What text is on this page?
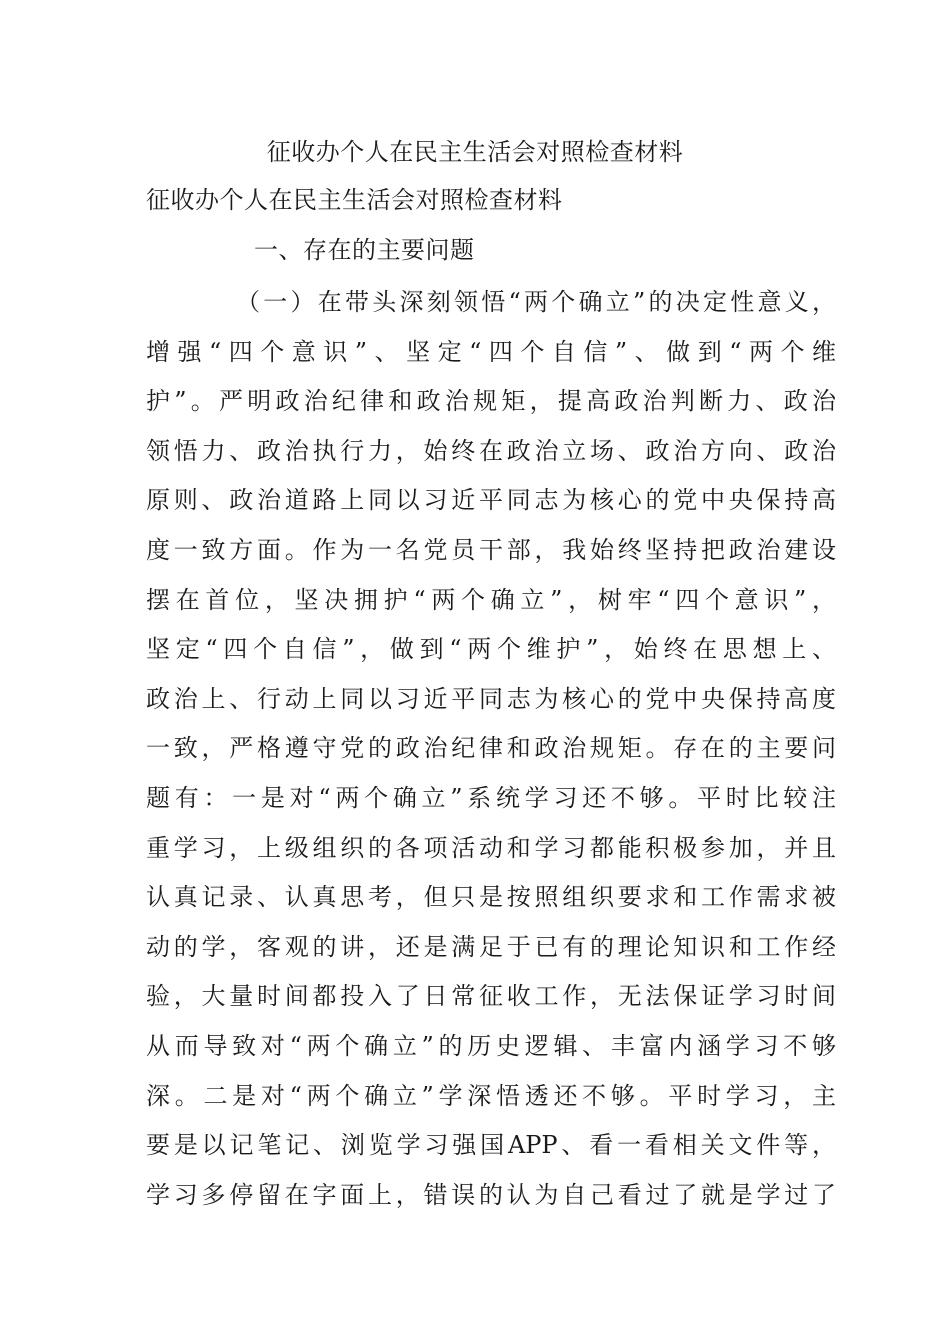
征收办个人在民主生活会对照检查材料
征收办个人在民主生活会对照检查材料
一、存在的主要问题
（一）在带头深刻领悟“两个确立”的决定性意义，
增强“四个意识”、坚定“四个自信”、做到“两个维
护”。严明政治纪律和政治规矩，提高政治判断力、政治
领悟力、政治执行力，始终在政治立场、政治方向、政治
原则、政治道路上同以习近平同志为核心的党中央保持高
度一致方面。作为一名党员干部，我始终坚持把政治建设
摆在首位，坚决拥护“两个确立”，树牢“四个意识”，
坚定“四个自信”，做到“两个维护”，始终在思想上、
政治上、行动上同以习近平同志为核心的党中央保持高度
一致，严格遵守党的政治纪律和政治规矩。存在的主要问
题有：一是对“两个确立”系统学习还不够。平时比较注
重学习，上级组织的各项活动和学习都能积极参加，并且
认真记录、认真思考，但只是按照组织要求和工作需求被
动的学，客观的讲，还是满足于已有的理论知识和工作经
验，大量时间都投入了日常征收工作，无法保证学习时间
从而导致对“两个确立”的历史逻辑、丰富内涵学习不够
深。二是对“两个确立”学深悟透还不够。平时学习，主
要是以记笔记、浏览学习强国APP、看一看相关文件等，
学习多停留在字面上，错误的认为自己看过了就是学过了
